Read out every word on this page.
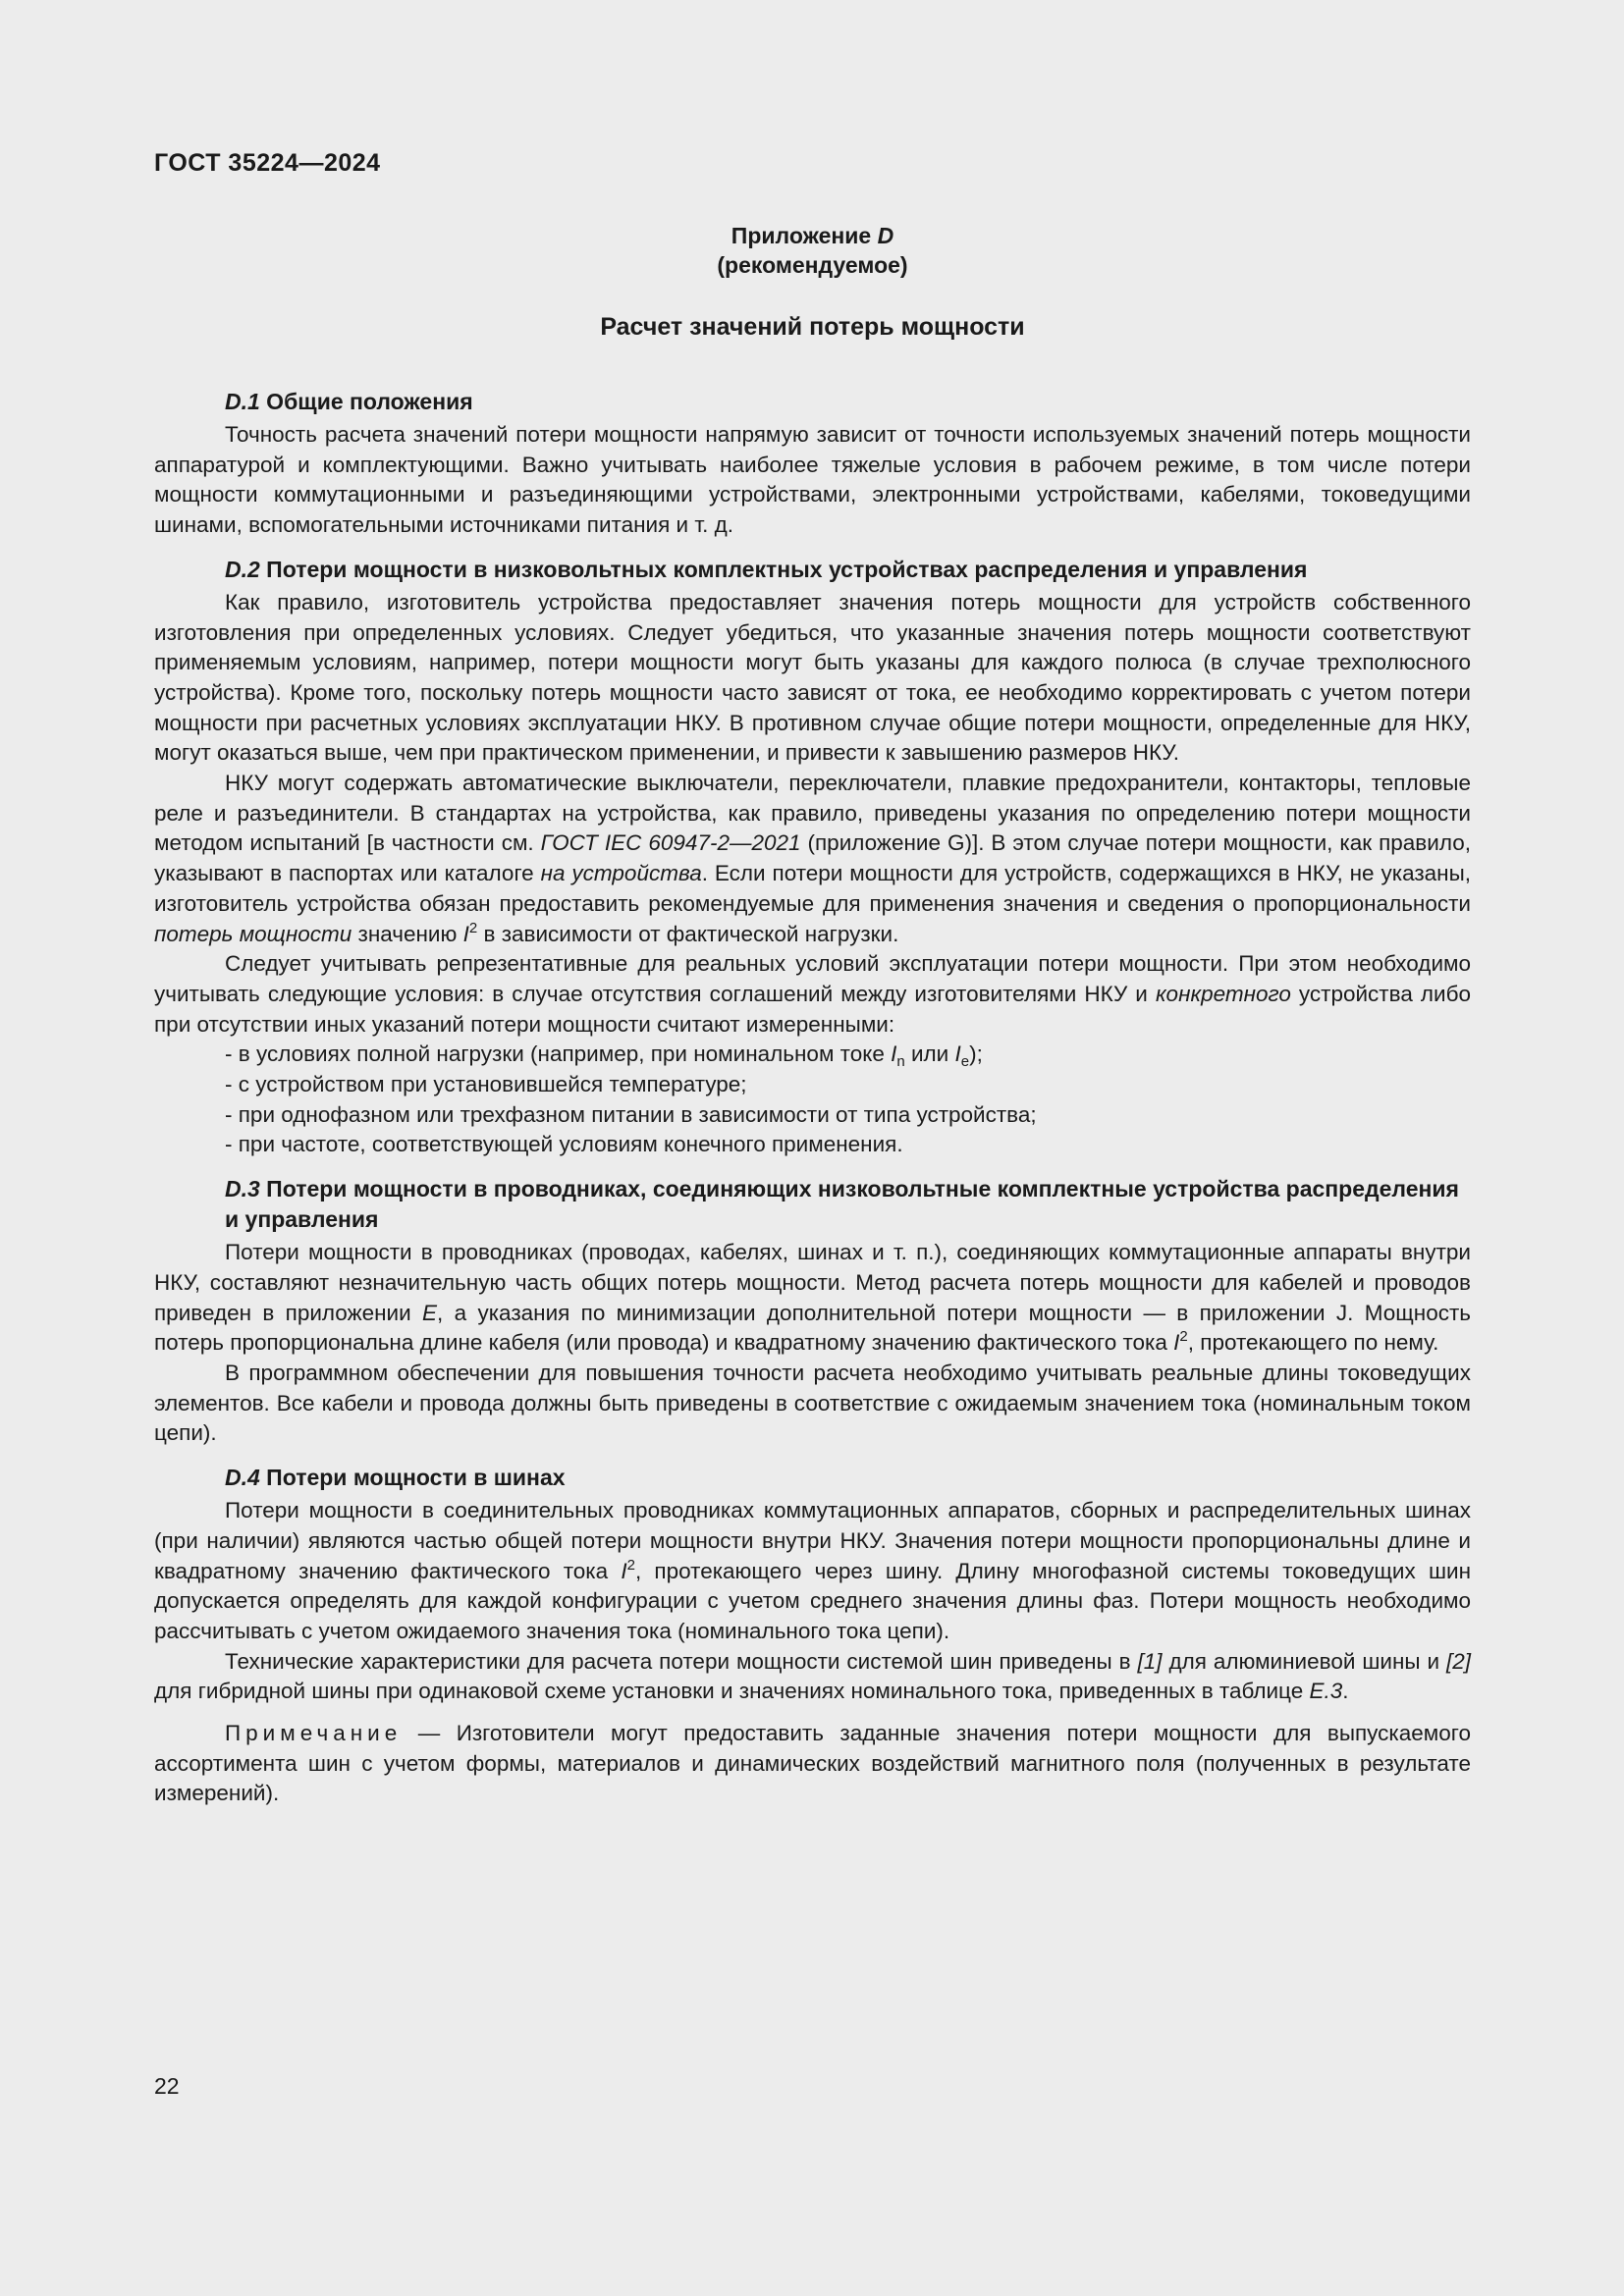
ГОСТ 35224—2024
Приложение D
(рекомендуемое)
Расчет значений потерь мощности
D.1 Общие положения

Точность расчета значений потери мощности напрямую зависит от точности используемых значений потерь мощности аппаратурой и комплектующими. Важно учитывать наиболее тяжелые условия в рабочем режиме, в том числе потери мощности коммутационными и разъединяющими устройствами, электронными устройствами, кабелями, токоведущими шинами, вспомогательными источниками питания и т. д.

D.2 Потери мощности в низковольтных комплектных устройствах распределения и управления

Как правило, изготовитель устройства предоставляет значения потерь мощности для устройств собственного изготовления при определенных условиях. Следует убедиться, что указанные значения потерь мощности соответствуют применяемым условиям, например, потери мощности могут быть указаны для каждого полюса (в случае трехполюсного устройства). Кроме того, поскольку потерь мощности часто зависят от тока, ее необходимо корректировать с учетом потери мощности при расчетных условиях эксплуатации НКУ. В противном случае общие потери мощности, определенные для НКУ, могут оказаться выше, чем при практическом применении, и привести к завышению размеров НКУ.

НКУ могут содержать автоматические выключатели, переключатели, плавкие предохранители, контакторы, тепловые реле и разъединители. В стандартах на устройства, как правило, приведены указания по определению потери мощности методом испытаний [в частности см. ГОСТ IEC 60947-2—2021 (приложение G)]. В этом случае потери мощности, как правило, указывают в паспортах или каталоге на устройства. Если потери мощности для устройств, содержащихся в НКУ, не указаны, изготовитель устройства обязан предоставить рекомендуемые для применения значения и сведения о пропорциональности потерь мощности значению $I^2$ в зависимости от фактической нагрузки.

Следует учитывать репрезентативные для реальных условий эксплуатации потери мощности. При этом необходимо учитывать следующие условия: в случае отсутствия соглашений между изготовителями НКУ и конкретного устройства либо при отсутствии иных указаний потери мощности считают измеренными:

- в условиях полной нагрузки (например, при номинальном токе $I_n$ или $I_e$);
- с устройством при установившейся температуре;
- при однофазном или трехфазном питании в зависимости от типа устройства;
- при частоте, соответствующей условиям конечного применения.
D.3 Потери мощности в проводниках, соединяющих низковольтные комплектные устройства распределения и управления

Потери мощности в проводниках (проводах, кабелях, шинах и т. п.), соединяющих коммутационные аппараты внутри НКУ, составляют незначительную часть общих потерь мощности. Метод расчета потерь мощности для кабелей и проводов приведен в приложении E, а указания по минимизации дополнительной потери мощности — в приложении J. Мощность потерь пропорциональна длине кабеля (или провода) и квадратному значению фактического тока $I^2$, протекающего по нему.

В программном обеспечении для повышения точности расчета необходимо учитывать реальные длины токоведущих элементов. Все кабели и провода должны быть приведены в соответствие с ожидаемым значением тока (номинальным током цепи).

D.4 Потери мощности в шинах

Потери мощности в соединительных проводниках коммутационных аппаратов, сборных и распределительных шинах (при наличии) являются частью общей потери мощности внутри НКУ. Значения потери мощности пропорциональны длине и квадратному значению фактического тока $I^2$, протекающего через шину. Длину многофазной системы токоведущих шин допускается определять для каждой конфигурации с учетом среднего значения длины фаз. Потери мощность необходимо рассчитывать с учетом ожидаемого значения тока (номинального тока цепи).

Технические характеристики для расчета потери мощности системой шин приведены в [1] для алюминиевой шины и [2] для гибридной шины при одинаковой схеме установки и значениях номинального тока, приведенных в таблице E.3.

Примечание — Изготовители могут предоставить заданные значения потери мощности для выпускаемого ассортимента шин с учетом формы, материалов и динамических воздействий магнитного поля (полученных в результате измерений).

22
